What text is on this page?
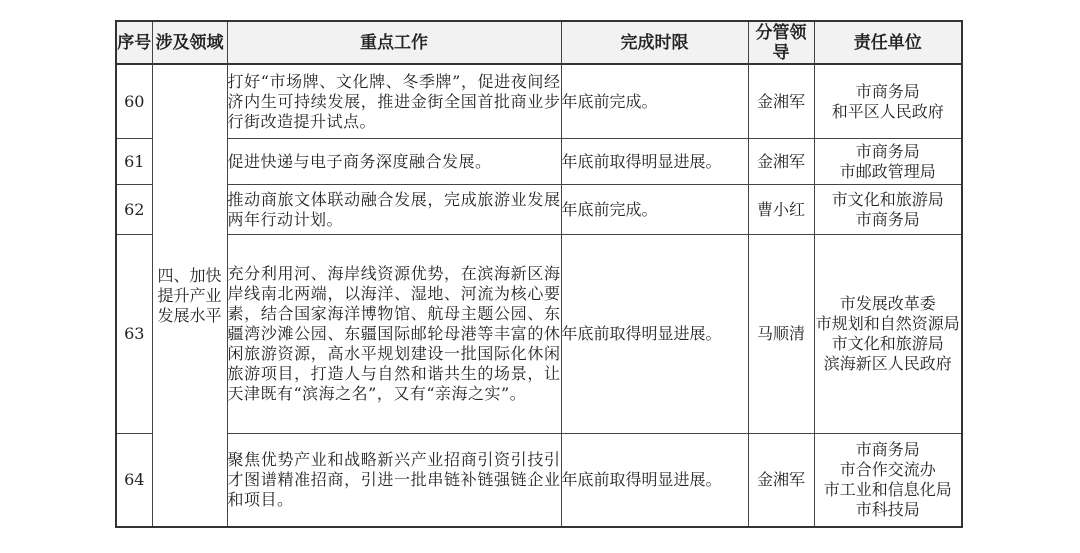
序号	涉及领域	重点工作	完成时限	分管领导	责任单位
60	四、加快提升产业发展水平	打好“市场牌、文化牌、冬季牌”，促进夜间经济内生可持续发展，推进金街全国首批商业步行街改造提升试点。	年底前完成。	金湘军	市商务局
和平区人民政府

61		促进快递与电子商务深度融合发展。	年底前取得明显进展。	金湘军	市商务局
市邮政管理局

62		推动商旅文体联动融合发展，完成旅游业发展两年行动计划。	年底前完成。	曹小红	市文化和旅游局
市商务局

63		充分利用河、海岸线资源优势，在滨海新区海岸线南北两端，以海洋、湿地、河流为核心要素，结合国家海洋博物馆、航母主题公园、东疆湾沙滩公园、东疆国际邮轮母港等丰富的休闲旅游资源，高水平规划建设一批国际化休闲旅游项目，打造人与自然和谐共生的场景，让天津既有“滨海之名”，又有“亲海之实”。	年底前取得明显进展。	马顺清	市发展改革委
市规划和自然资源局
市文化和旅游局
滨海新区人民政府

64		聚焦优势产业和战略新兴产业招商引资引技引才图谱精准招商，引进一批串链补链强链企业和项目。	年底前取得明显进展。	金湘军	市商务局
市合作交流办
市工业和信息化局
市科技局
